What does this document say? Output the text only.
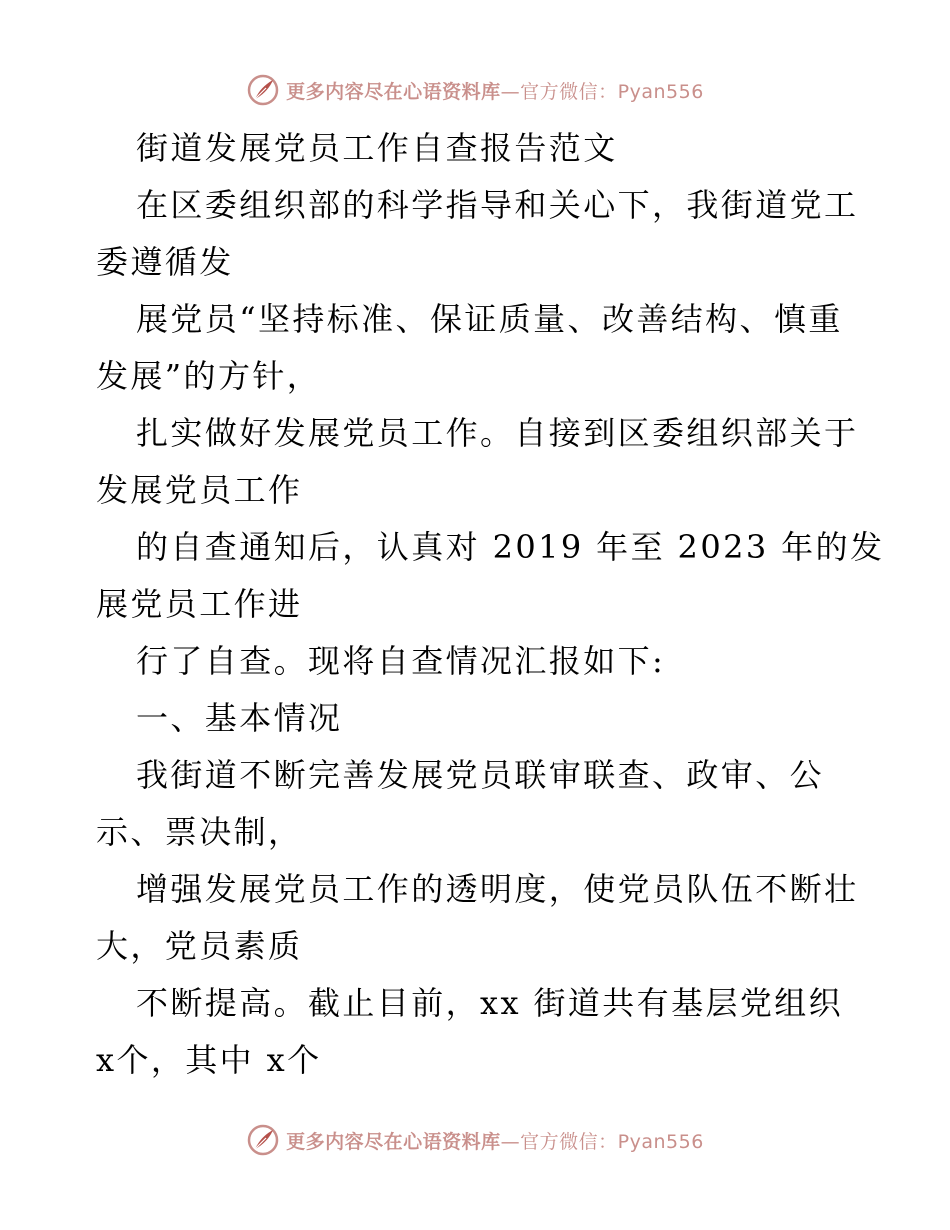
更多内容尽在心语资料库 —官方微信：Pyan556
街道发展党员工作自查报告范文
在区委组织部的科学指导和关心下，我街道党工
委遵循发
展党员“坚持标准、保证质量、改善结构、慎重
发展”的方针，
扎实做好发展党员工作。自接到区委组织部关于
发展党员工作
的自查通知后，认真对 2019 年至 2023 年的发
展党员工作进
行了自查。现将自查情况汇报如下:
一、基本情况
我街道不断完善发展党员联审联查、政审、公
示、票决制，
增强发展党员工作的透明度，使党员队伍不断壮
大，党员素质
不断提高。截止目前，xx 街道共有基层党组织
x个，其中 x个
更多内容尽在心语资料库 —官方微信：Pyan556
